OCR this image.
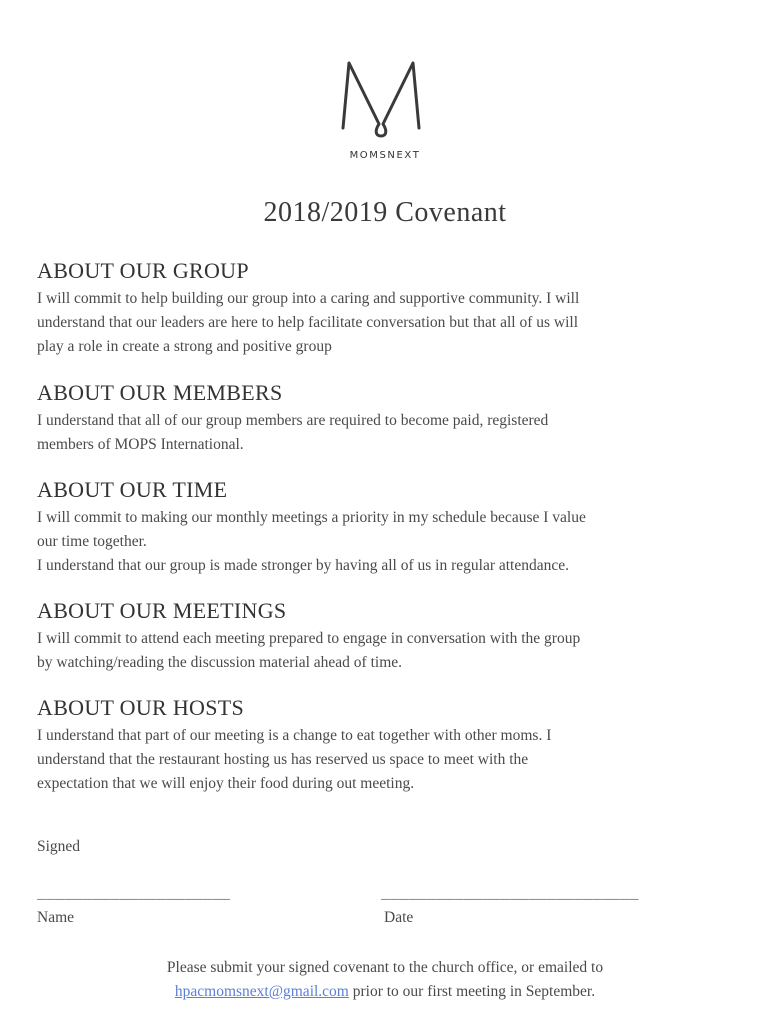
MOMSNEXT
2018/2019 Covenant
ABOUT OUR GROUP
I will commit to help building our group into a caring and supportive community. I will
understand that our leaders are here to help facilitate conversation but that all of us will
play a role in create a strong and positive group
ABOUT OUR MEMBERS
I understand that all of our group members are required to become paid, registered
members of MOPS International.
ABOUT OUR TIME
I will commit to making our monthly meetings a priority in my schedule because I value
our time together.
I understand that our group is made stronger by having all of us in regular attendance.
ABOUT OUR MEETINGS
I will commit to attend each meeting prepared to engage in conversation with the group
by watching/reading the discussion material ahead of time.
ABOUT OUR HOSTS
I understand that part of our meeting is a change to eat together with other moms. I
understand that the restaurant hosting us has reserved us space to meet with the
expectation that we will enjoy their food during out meeting.
Signed
_____________________	____________________________
Name	Date
Please submit your signed covenant to the church office, or emailed to
hpacmomsnext@gmail.com prior to our first meeting in September.
